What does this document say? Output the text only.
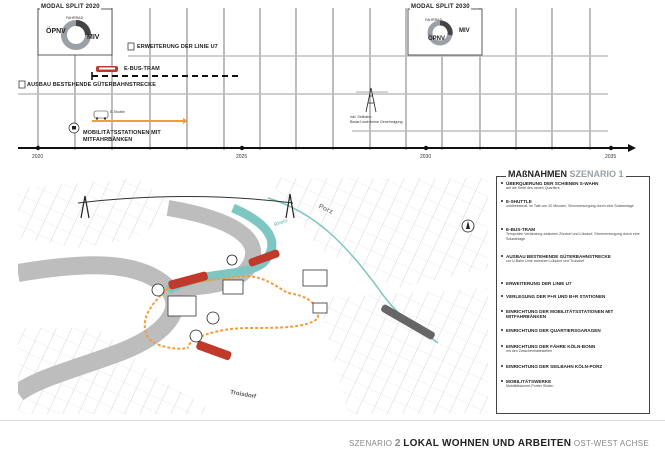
MODAL SPLIT 2020	MODAL SPLIT 2030
ÖPNV
MIV
FAHRRAD
ÖPNV
MIV
FAHRRAD
ERWEITERUNG DER LINIE U7
E-BUS-TRAM
AUSBAU BESTEHENDE GÜTERBAHNSTRECKE
E-Shuttle
MOBILITÄTSSTATIONEN MIT
MITFAHRBÄNKEN
inkl. Seilbahn
Bedarf noch keine Genehmigung
2020	2025	2030	2035
Rhein
Porz
Troisdorf
MAßNAHMEN SZENARIO 1
ÜBERQUERUNG DER SCHIENEN S-WAHN
auf die Seite des neuen Quartiers
E-SHUTTLE
unidirektional, im Takt von 20 Minuten, Stromversorgung durch eine Solaranlage
E-BUS-TRAM
Temporäre Verbindung zwischen Zündorf und Lülsdorf, Stromversorgung durch eine Solaranlage
AUSBAU BESTEHENDE GÜTERBAHNSTRECKE
zur U-Bahn Linie zwischen Lülsdorf und Troisdorf
ERWEITERUNG DER LINIE U7
VERLEGUNG DER P+R UND B+R STATIONEN
EINRICHTUNG DER MOBILITÄTSSTATIONEN MIT MITFAHRBÄNKEN
EINRICHTUNG DER QUARTIERSGARAGEN
EINRICHTUNG DER FÄHRE KÖLN-BONN
mit den Zwischenhaltestellen
EINRICHTUNG DER SEILBAHN KÖLN-PORZ
MOBILITÄTSWERKE
Mobilitätskerne-Portier Süden
SZENARIO 2 LOKAL WOHNEN UND ARBEITEN OST-WEST ACHSE
